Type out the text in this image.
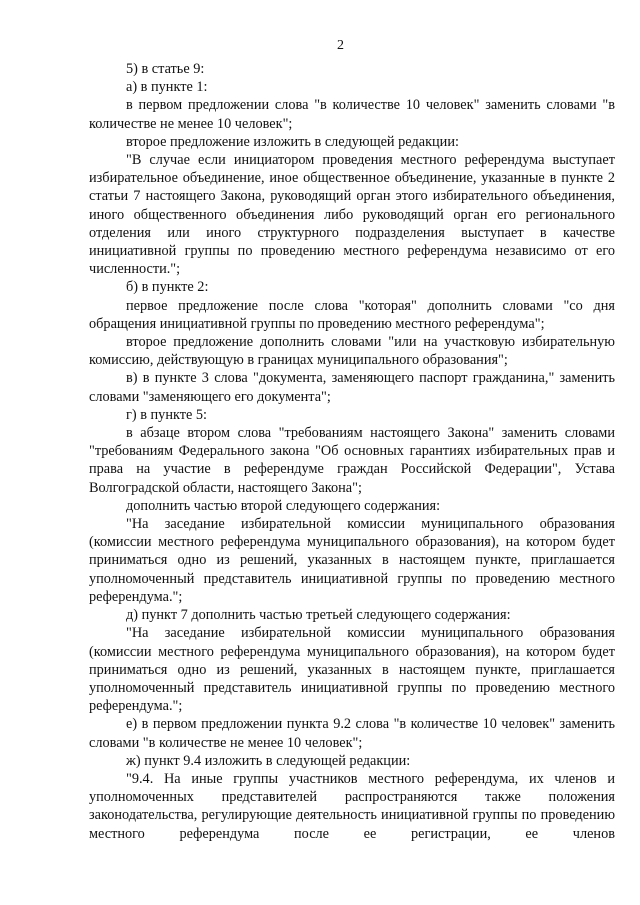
2

5) в статье 9:

а) в пункте 1:

в первом предложении слова "в количестве 10 человек" заменить словами "в количестве не менее 10 человек";

второе предложение изложить в следующей редакции:

"В случае если инициатором проведения местного референдума выступает избирательное объединение, иное общественное объединение, указанные в пункте 2 статьи 7 настоящего Закона, руководящий орган этого избирательного объединения, иного общественного объединения либо руководящий орган его регионального отделения или иного структурного подразделения выступает в качестве инициативной группы по проведению местного референдума независимо от его численности.";

б) в пункте 2:

первое предложение после слова "которая" дополнить словами "со дня обращения инициативной группы по проведению местного референдума";

второе предложение дополнить словами "или на участковую избирательную комиссию, действующую в границах муниципального образования";

в) в пункте 3 слова "документа, заменяющего паспорт гражданина," заменить словами "заменяющего его документа";

г) в пункте 5:

в абзаце втором слова "требованиям настоящего Закона" заменить словами "требованиям Федерального закона "Об основных гарантиях избирательных прав и права на участие в референдуме граждан Российской Федерации", Устава Волгоградской области, настоящего Закона";

дополнить частью второй следующего содержания:

"На заседание избирательной комиссии муниципального образования (комиссии местного референдума муниципального образования), на котором будет приниматься одно из решений, указанных в настоящем пункте, приглашается уполномоченный представитель инициативной группы по проведению местного референдума.";

д) пункт 7 дополнить частью третьей следующего содержания:

"На заседание избирательной комиссии муниципального образования (комиссии местного референдума муниципального образования), на котором будет приниматься одно из решений, указанных в настоящем пункте, приглашается уполномоченный представитель инициативной группы по проведению местного референдума.";

е) в первом предложении пункта 9.2 слова "в количестве 10 человек" заменить словами "в количестве не менее 10 человек";

ж) пункт 9.4 изложить в следующей редакции:

"9.4. На иные группы участников местного референдума, их членов и уполномоченных представителей распространяются также положения законодательства, регулирующие деятельность инициативной группы по проведению местного референдума после ее регистрации, ее членов
